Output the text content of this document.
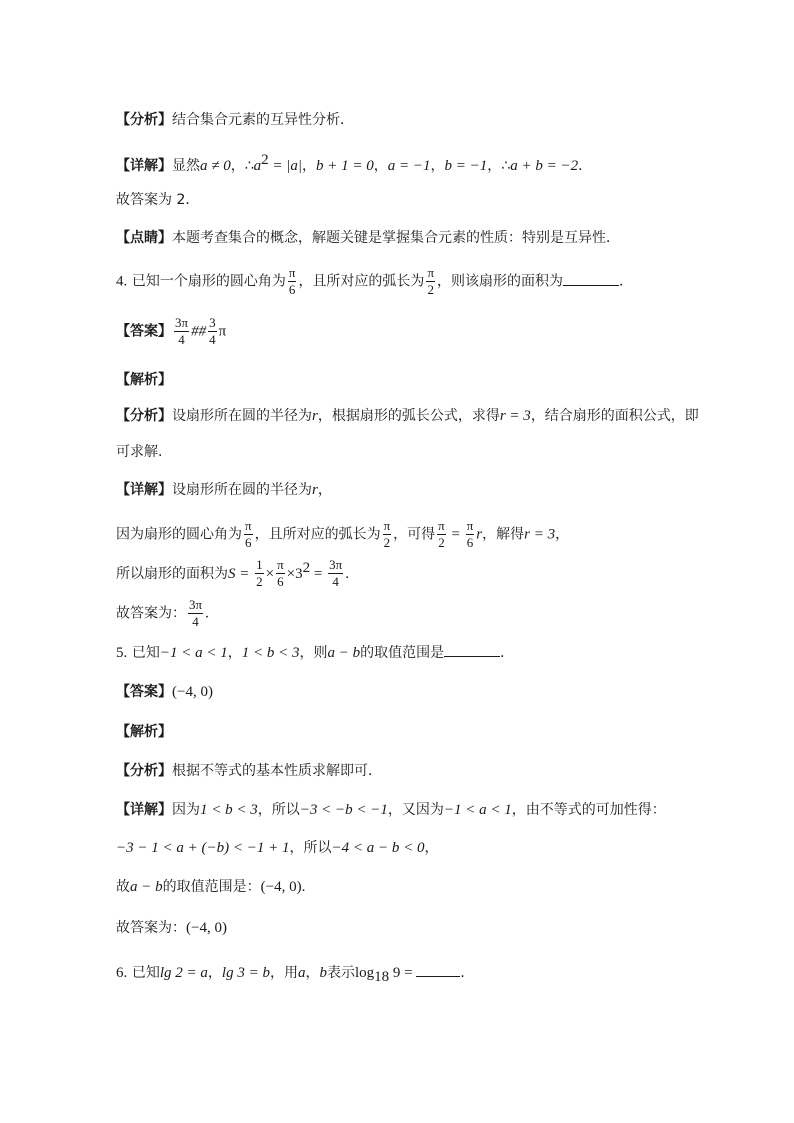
【分析】结合集合元素的互异性分析．
【详解】显然a ≠ 0，$\therefore a^2 = |a|$，b + 1 = 0，a = −1，b = −1，∴a + b = −2．
故答案为 2．
【点睛】本题考查集合的概念，解题关键是掌握集合元素的性质：特别是互异性．
4. 已知一个扇形的圆心角为 $\frac{\pi}{6}$ ，且所对应的弧长为 $\frac{\pi}{2}$ ，则该扇形的面积为	．
【答案】 $\frac{3\pi}{4}$ ## $\frac{3}{4}$ π
【解析】
【分析】设扇形所在圆的半径为r，根据扇形的弧长公式，求得r = 3，结合扇形的面积公式，即
可求解.
【详解】设扇形所在圆的半径为r，
因为扇形的圆心角为 $\frac{\pi}{6}$ ，且所对应的弧长为 $\frac{\pi}{2}$ ，可得 $\frac{\pi}{2} = \frac{\pi}{6}$ r，解得r = 3，
所以扇形的面积为$S = \frac{1}{2} \times \frac{\pi}{6} \times 3^2 = \frac{3\pi}{4}$ .
故答案为： $\frac{3\pi}{4}$ .
5. 已知−1 < a < 1，1 < b < 3，则a − b的取值范围是	．
【答案】(−4, 0)
【解析】
【分析】根据不等式的基本性质求解即可．
【详解】因为1 < b < 3，所以−3 < −b < −1，又因为−1 < a < 1，由不等式的可加性得：
−3 − 1 < a + (−b) < −1 + 1，所以−4 < a − b < 0，
故a − b的取值范围是：(−4, 0).
故答案为：(−4, 0)
6. 已知lg 2 = a，lg 3 = b，用a，b表示$\log_{18} 9$ =	．
